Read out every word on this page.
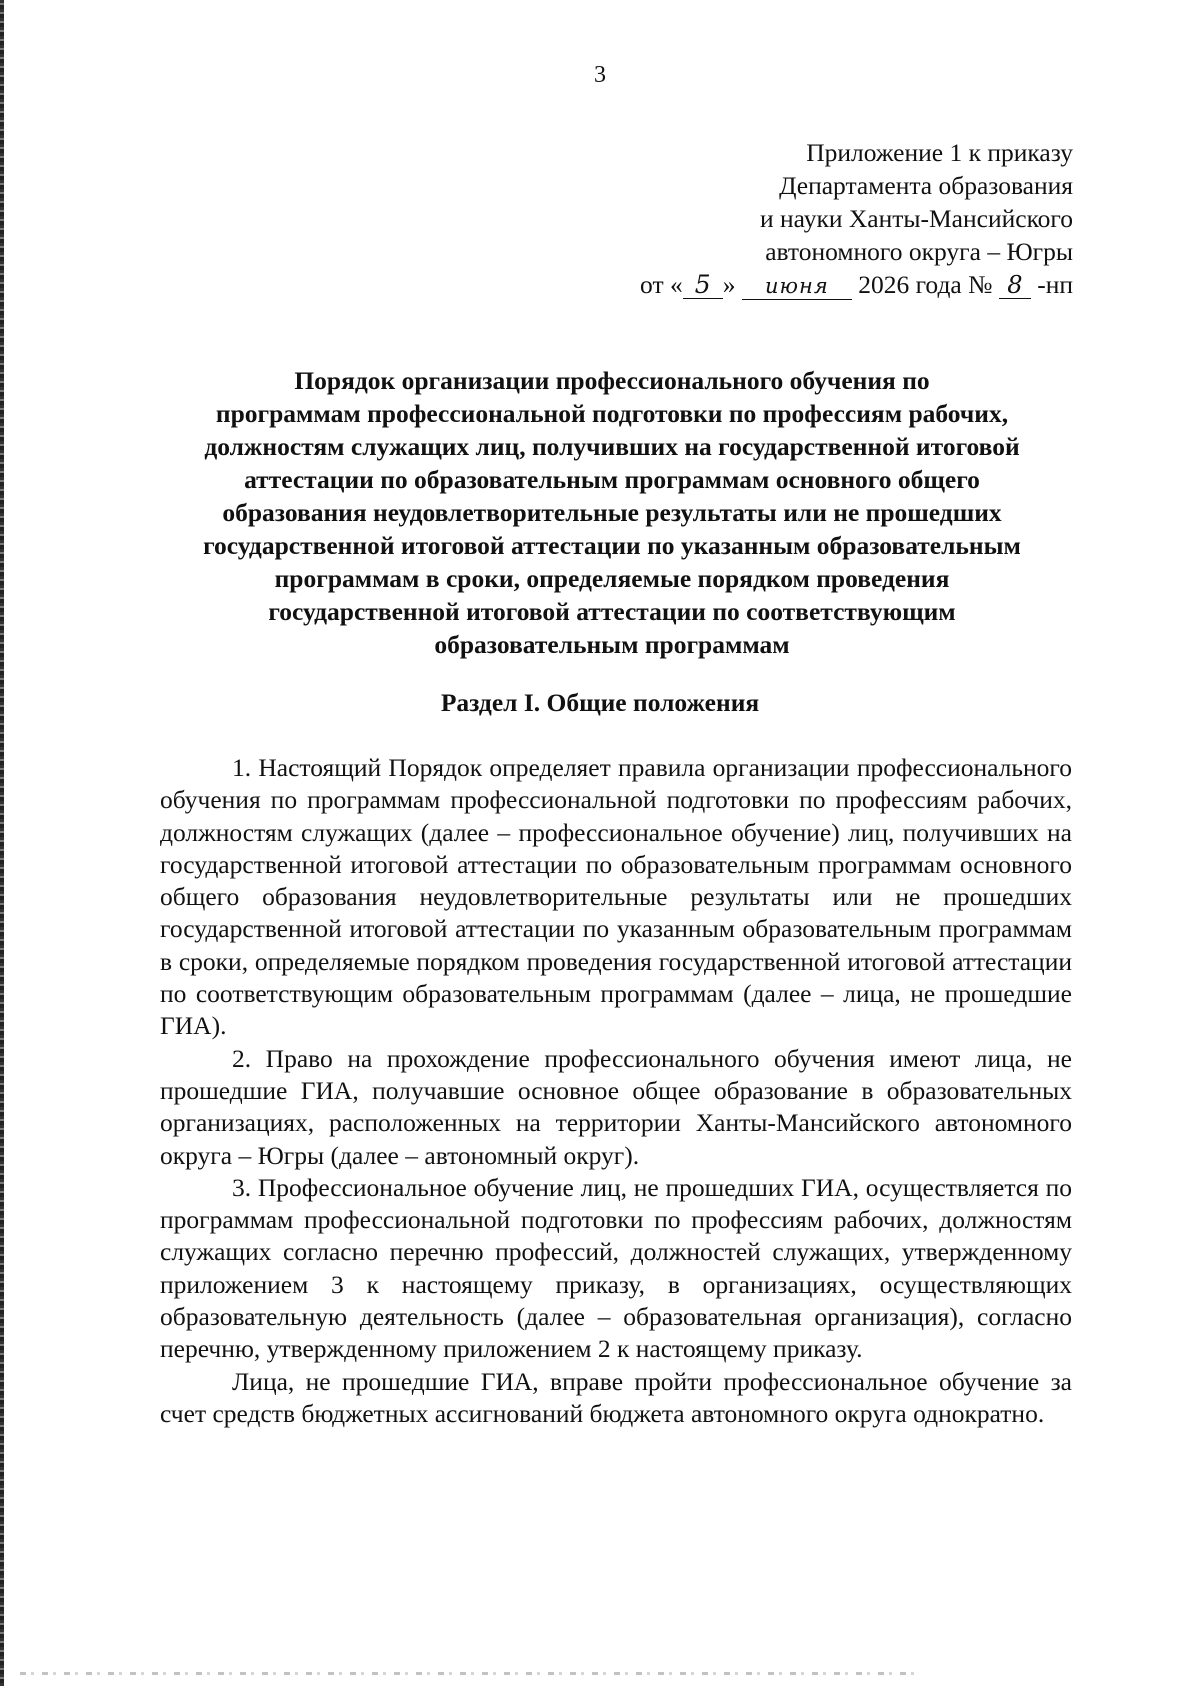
3
Приложение 1 к приказу
Департамента образования
и науки Ханты-Мансийского
автономного округа – Югры
от « 5 » июня 2026 года № 8 -нп
Порядок организации профессионального обучения по
программам профессиональной подготовки по профессиям рабочих,
должностям служащих лиц, получивших на государственной итоговой
аттестации по образовательным программам основного общего
образования неудовлетворительные результаты или не прошедших
государственной итоговой аттестации по указанным образовательным
программам в сроки, определяемые порядком проведения
государственной итоговой аттестации по соответствующим
образовательным программам
Раздел I. Общие положения

1. Настоящий Порядок определяет правила организации профессионального обучения по программам профессиональной подготовки по профессиям рабочих, должностям служащих (далее – профессиональное обучение) лиц, получивших на государственной итоговой аттестации по образовательным программам основного общего образования неудовлетворительные результаты или не прошедших государственной итоговой аттестации по указанным образовательным программам в сроки, определяемые порядком проведения государственной итоговой аттестации по соответствующим образовательным программам (далее – лица, не прошедшие ГИА).

2. Право на прохождение профессионального обучения имеют лица, не прошедшие ГИА, получавшие основное общее образование в образовательных организациях, расположенных на территории Ханты-Мансийского автономного округа – Югры (далее – автономный округ).

3. Профессиональное обучение лиц, не прошедших ГИА, осуществляется по программам профессиональной подготовки по профессиям рабочих, должностям служащих согласно перечню профессий, должностей служащих, утвержденному приложением 3 к настоящему приказу, в организациях, осуществляющих образовательную деятельность (далее – образовательная организация), согласно перечню, утвержденному приложением 2 к настоящему приказу.

Лица, не прошедшие ГИА, вправе пройти профессиональное обучение за счет средств бюджетных ассигнований бюджета автономного округа однократно.
